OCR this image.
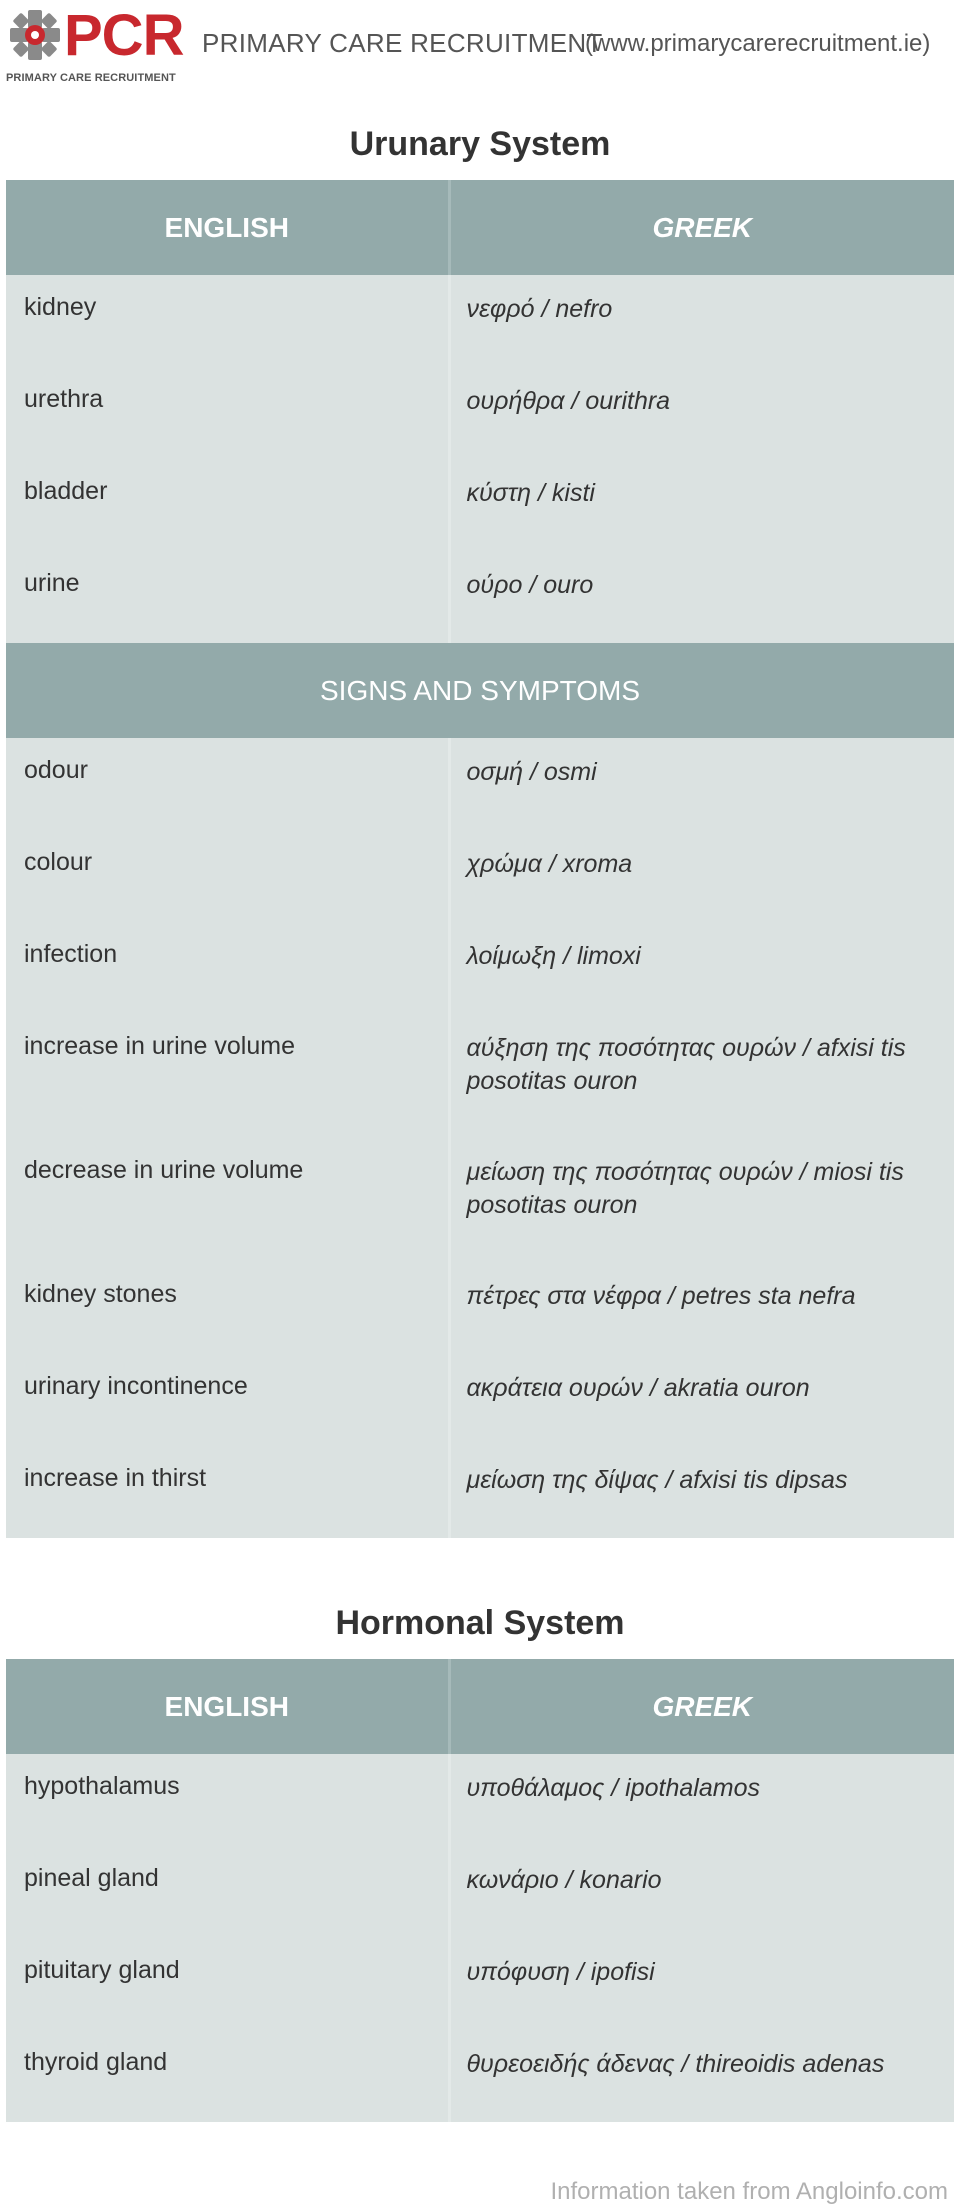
PCR
PRIMARY CARE RECRUITMENT
PRIMARY CARE RECRUITMENT
(www.primarycarerecruitment.ie)
Urunary System
ENGLISH	GREEK
kidney	νεφρό / nefro
urethra	ουρήθρα / ourithra
bladder	κύστη / kisti
urine	ούρο / ouro
SIGNS AND SYMPTOMS	
odour	οσμή / osmi
colour	χρώμα / xroma
infection	λοίμωξη / limoxi
increase in urine volume	αύξηση της ποσότητας ουρών / afxisi tis posotitas ouron
decrease in urine volume	μείωση της ποσότητας ουρών / miosi tis posotitas ouron
kidney stones	πέτρες στα νέφρα / petres sta nefra
urinary incontinence	ακράτεια ουρών / akratia ouron
increase in thirst	μείωση της δίψας / afxisi tis dipsas
Hormonal System
ENGLISH	GREEK
hypothalamus	υποθάλαμος / ipothalamos
pineal gland	κωνάριο / konario
pituitary gland	υπόφυση / ipofisi
thyroid gland	θυρεοειδής άδενας / thireoidis adenas
Information taken from Angloinfo.com
